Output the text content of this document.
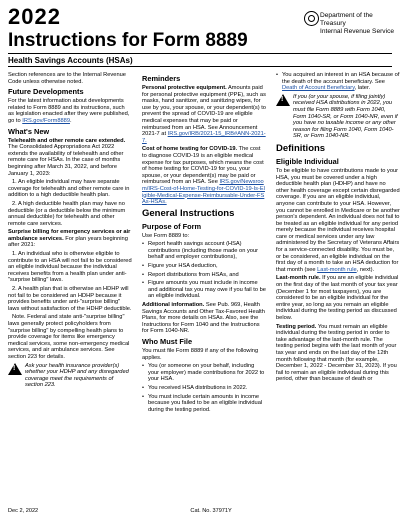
2022
Instructions for Form 8889
Health Savings Accounts (HSAs)
Department of the Treasury
Internal Revenue Service

Section references are to the Internal Revenue Code unless otherwise noted.

Future Developments

For the latest information about developments related to Form 8889 and its instructions, such as legislation enacted after they were published, go to IRS.gov/Form8889.

What's New

Telehealth and other remote care extended. The Consolidated Appropriations Act 2022 extends the availability of telehealth and other remote care for HSAs. In the case of months beginning after March 31, 2022, and before January 1, 2023:

1. An eligible individual may have separate coverage for telehealth and other remote care in addition to a high deductible health plan.

2. A high deductible health plan may have no deductible (or a deductible below the minimum annual deductible) for telehealth and other remote care services.

Surprise billing for emergency services or air ambulance services. For plan years beginning after 2021:

1. An individual who is otherwise eligible to contribute to an HSA will not fail to be considered an eligible individual because the individual receives benefits from a health plan under anti-"surprise billing" laws.

2. A health plan that is otherwise an HDHP will not fail to be considered an HDHP because it provides benefits under anti-"surprise billing" laws without satisfaction of the HDHP deductible.

Note. Federal and state anti-"surprise billing" laws generally protect policyholders from "surprise billing" by compelling health plans to provide coverage for items like emergency medical services, some non-emergency medical services, and air ambulance services. See section 223 for details.

!
Ask your health insurance provider(s) whether your HDHP and any disregarded coverage meet the requirements of section 223.
Reminders

Personal protective equipment. Amounts paid for personal protective equipment (PPE), such as masks, hand sanitizer, and sanitizing wipes, for use by you, your spouse, or your dependent(s) to prevent the spread of COVID-19 are eligible medical expenses that may be paid or reimbursed from an HSA. See Announcement 2021-7 at IRS.gov/IRB/2021-15_IRB#ANN-2021-7.

Cost of home testing for COVID-19. The cost to diagnose COVID-19 is an eligible medical expense for tax purposes, which means the cost of home testing for COVID-19 for you, your spouse, or your dependent(s) may be paid or reimbursed from an HSA. See IRS.gov/Newsroom/IRS-Cost-of-Home-Testing-for-COVID-19-Is-Eligible-Medical-Expense-Reimbursable-Under-FSAs-HSAs.

General Instructions
Purpose of Form

Use Form 8889 to:

• Report health savings account (HSA) contributions (including those made on your behalf and employer contributions),

• Figure your HSA deduction,

• Report distributions from HSAs, and

• Figure amounts you must include in income and additional tax you may owe if you fail to be an eligible individual.

Additional information. See Pub. 969, Health Savings Accounts and Other Tax-Favored Health Plans, for more details on HSAs. Also, see the Instructions for Form 1040 and the Instructions for Form 1040-NR.

Who Must File

You must file Form 8889 if any of the following applies.

• You (or someone on your behalf, including your employer) made contributions for 2022 to your HSA.

• You received HSA distributions in 2022.

• You must include certain amounts in income because you failed to be an eligible individual during the testing period.

• You acquired an interest in an HSA because of the death of the account beneficiary. See Death of Account Beneficiary, later.

!
If you (or your spouse, if filing jointly) received HSA distributions in 2022, you must file Form 8889 with Form 1040, Form 1040-SR, or Form 1040-NR, even if you have no taxable income or any other reason for filing Form 1040, Form 1040-SR, or Form 1040-NR.
Definitions
Eligible Individual

To be eligible to have contributions made to your HSA, you must be covered under a high deductible health plan (HDHP) and have no other health coverage except certain disregarded coverage. If you are an eligible individual, anyone can contribute to your HSA. However, you cannot be enrolled in Medicare or be another person's dependent. An individual does not fail to be treated as an eligible individual for any period merely because the individual receives hospital care or medical services under any law administered by the Secretary of Veterans Affairs for a service-connected disability. You must be, or be considered, an eligible individual on the first day of a month to take an HSA deduction for that month (see Last-month rule, next).

Last-month rule. If you are an eligible individual on the first day of the last month of your tax year (December 1 for most taxpayers), you are considered to be an eligible individual for the entire year, so long as you remain an eligible individual during the testing period as discussed below.

Testing period. You must remain an eligible individual during the testing period in order to take advantage of the last-month rule. The testing period begins with the last month of your tax year and ends on the last day of the 12th month following that month (for example, December 1, 2022 - December 31, 2023). If you fail to remain an eligible individual during this period, other than because of death or

Dec 2, 2022	Cat. No. 37971Y
